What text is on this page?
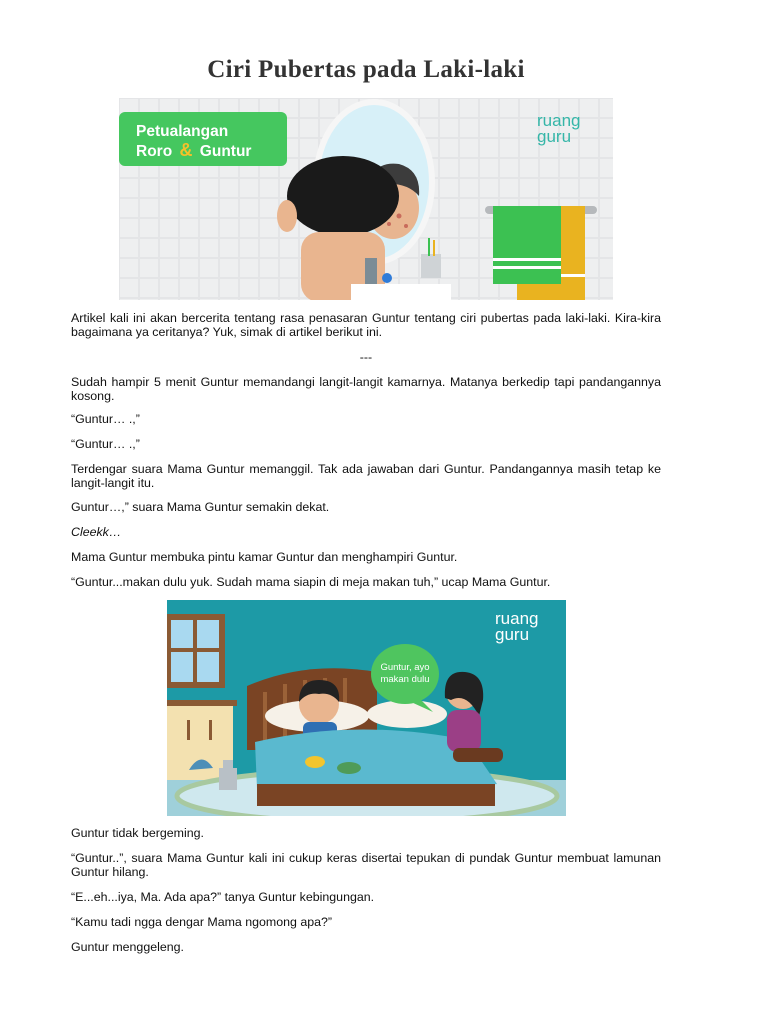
Ciri Pubertas pada Laki-laki
Petualangan
Roro & Guntur
ruang
guru

Artikel kali ini akan bercerita tentang rasa penasaran Guntur tentang ciri pubertas pada laki-laki. Kira-kira bagaimana ya ceritanya? Yuk, simak di artikel berikut ini.

---

Sudah hampir 5 menit Guntur memandangi langit-langit kamarnya. Matanya berkedip tapi pandangannya kosong.

“Guntur… .,”

“Guntur… .,”

Terdengar suara Mama Guntur memanggil. Tak ada jawaban dari Guntur. Pandangannya masih tetap ke langit-langit itu.

Guntur…,” suara Mama Guntur semakin dekat.

Cleekk…

Mama Guntur membuka pintu kamar Guntur dan menghampiri Guntur.

“Guntur...makan dulu yuk. Sudah mama siapin di meja makan tuh,” ucap Mama Guntur.

Guntur, ayo
makan dulu
ruang
guru

Guntur tidak bergeming.

“Guntur..”, suara Mama Guntur kali ini cukup keras disertai tepukan di pundak Guntur membuat lamunan Guntur hilang.

“E...eh...iya, Ma. Ada apa?” tanya Guntur kebingungan.

“Kamu tadi ngga dengar Mama ngomong apa?”

Guntur menggeleng.
